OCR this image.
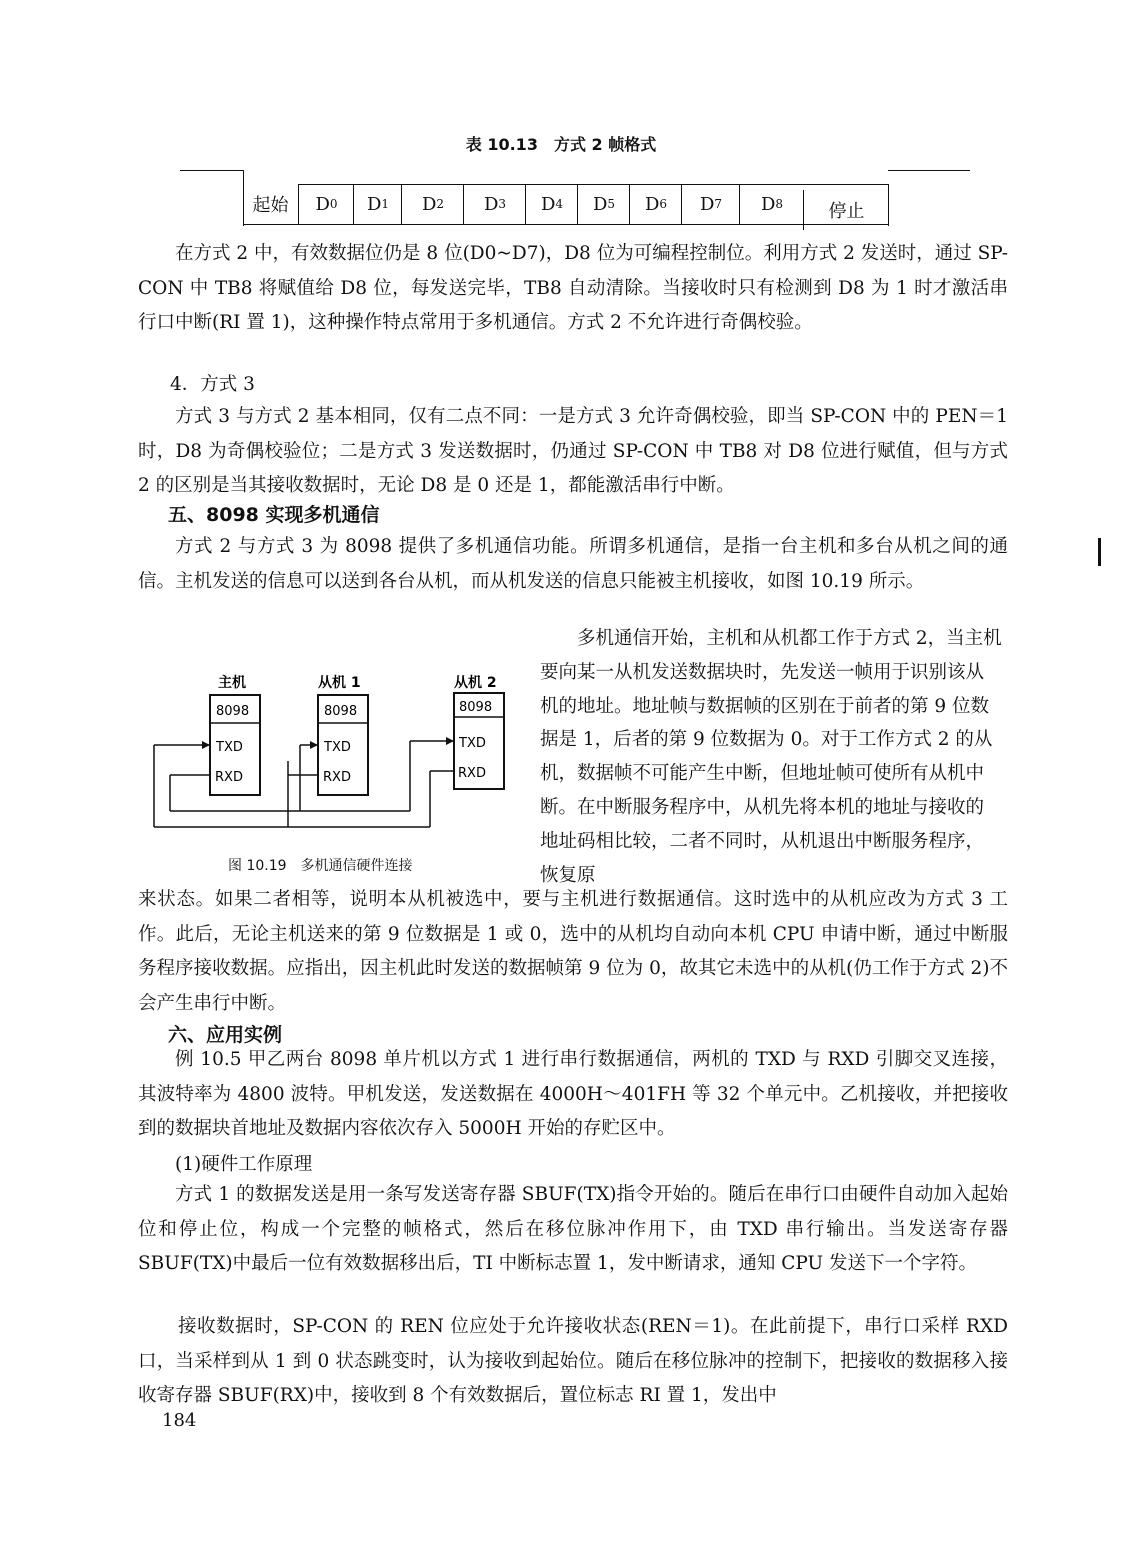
表 10.13　方式 2 帧格式
起始	D 0	D 1	D 2	D 3	D 4	D 5	D 6	D 7	D 8	停止

在方式 2 中，有效数据位仍是 8 位(D0~D7)，D8 位为可编程控制位。利用方式 2 发送时，通过 SP-CON 中 TB8 将赋值给 D8 位，每发送完毕，TB8 自动清除。当接收时只有检测到 D8 为 1 时才激活串行口中断(RI 置 1)，这种操作特点常用于多机通信。方式 2 不允许进行奇偶校验。

4．方式 3

方式 3 与方式 2 基本相同，仅有二点不同：一是方式 3 允许奇偶校验，即当 SP-CON 中的 PEN＝1 时，D8 为奇偶校验位；二是方式 3 发送数据时，仍通过 SP-CON 中 TB8 对 D8 位进行赋值，但与方式 2 的区别是当其接收数据时，无论 D8 是 0 还是 1，都能激活串行中断。

五、8098 实现多机通信

方式 2 与方式 3 为 8098 提供了多机通信功能。所谓多机通信，是指一台主机和多台从机之间的通信。主机发送的信息可以送到各台从机，而从机发送的信息只能被主机接收，如图 10.19 所示。

主机	从机 1	从机 2
8098
TXD
RXD
8098
TXD
RXD
8098
TXD
RXD
图 10.19　多机通信硬件连接

多机通信开始，主机和从机都工作于方式 2，当主机要向某一从机发送数据块时，先发送一帧用于识别该从机的地址。地址帧与数据帧的区别在于前者的第 9 位数据是 1，后者的第 9 位数据为 0。对于工作方式 2 的从机，数据帧不可能产生中断，但地址帧可使所有从机中断。在中断服务程序中，从机先将本机的地址与接收的地址码相比较，二者不同时，从机退出中断服务程序，恢复原

来状态。如果二者相等，说明本从机被选中，要与主机进行数据通信。这时选中的从机应改为方式 3 工作。此后，无论主机送来的第 9 位数据是 1 或 0，选中的从机均自动向本机 CPU 申请中断，通过中断服务程序接收数据。应指出，因主机此时发送的数据帧第 9 位为 0，故其它未选中的从机(仍工作于方式 2)不会产生串行中断。

六、应用实例

例 10.5 甲乙两台 8098 单片机以方式 1 进行串行数据通信，两机的 TXD 与 RXD 引脚交叉连接，其波特率为 4800 波特。甲机发送，发送数据在 4000H～401FH 等 32 个单元中。乙机接收，并把接收到的数据块首地址及数据内容依次存入 5000H 开始的存贮区中。

(1)硬件工作原理

方式 1 的数据发送是用一条写发送寄存器 SBUF(TX)指令开始的。随后在串行口由硬件自动加入起始位和停止位，构成一个完整的帧格式，然后在移位脉冲作用下，由 TXD 串行输出。当发送寄存器 SBUF(TX)中最后一位有效数据移出后，TI 中断标志置 1，发中断请求，通知 CPU 发送下一个字符。

接收数据时，SP-CON 的 REN 位应处于允许接收状态(REN＝1)。在此前提下，串行口采样 RXD 口，当采样到从 1 到 0 状态跳变时，认为接收到起始位。随后在移位脉冲的控制下，把接收的数据移入接收寄存器 SBUF(RX)中，接收到 8 个有效数据后，置位标志 RI 置 1，发出中

184
